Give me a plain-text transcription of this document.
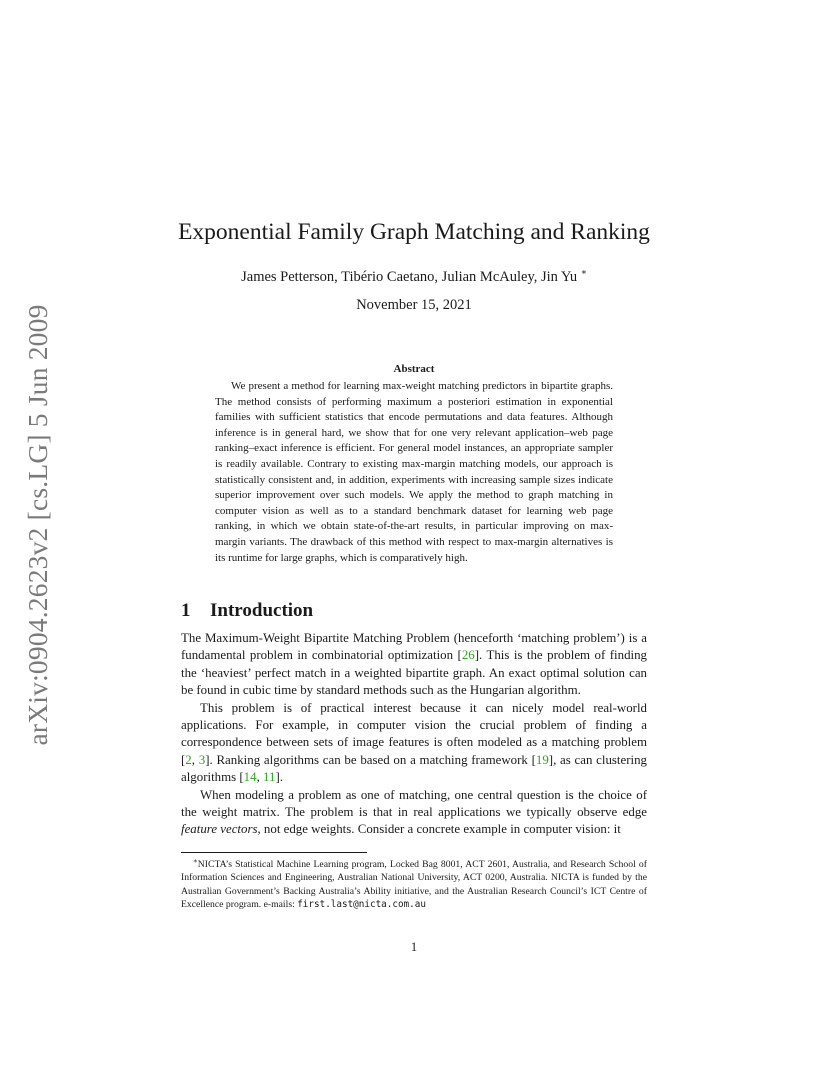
arXiv:0904.2623v2 [cs.LG] 5 Jun 2009
Exponential Family Graph Matching and Ranking
James Petterson, Tibério Caetano, Julian McAuley, Jin Yu ∗
November 15, 2021
Abstract

We present a method for learning max-weight matching predictors in bipartite graphs. The method consists of performing maximum a posteriori estimation in exponential families with sufficient statistics that encode permutations and data features. Although inference is in general hard, we show that for one very relevant application–web page ranking–exact inference is efficient. For general model instances, an appropriate sampler is readily available. Contrary to existing max-margin matching models, our approach is statistically consistent and, in addition, experiments with increasing sample sizes indicate superior improvement over such models. We apply the method to graph matching in computer vision as well as to a standard benchmark dataset for learning web page ranking, in which we obtain state-of-the-art results, in particular improving on max-margin variants. The drawback of this method with respect to max-margin alternatives is its runtime for large graphs, which is comparatively high.

1 Introduction

The Maximum-Weight Bipartite Matching Problem (henceforth ‘matching problem’) is a fundamental problem in combinatorial optimization [26]. This is the problem of finding the ‘heaviest’ perfect match in a weighted bipartite graph. An exact optimal solution can be found in cubic time by standard methods such as the Hungarian algorithm.

This problem is of practical interest because it can nicely model real-world applications. For example, in computer vision the crucial problem of finding a correspondence between sets of image features is often modeled as a matching problem [2, 3]. Ranking algorithms can be based on a matching framework [19], as can clustering algorithms [14, 11].

When modeling a problem as one of matching, one central question is the choice of the weight matrix. The problem is that in real applications we typically observe edge feature vectors, not edge weights. Consider a concrete example in computer vision: it

∗NICTA’s Statistical Machine Learning program, Locked Bag 8001, ACT 2601, Australia, and Research School of Information Sciences and Engineering, Australian National University, ACT 0200, Australia. NICTA is funded by the Australian Government’s Backing Australia’s Ability initiative, and the Australian Research Council’s ICT Centre of Excellence program. e-mails: first.last@nicta.com.au

1
